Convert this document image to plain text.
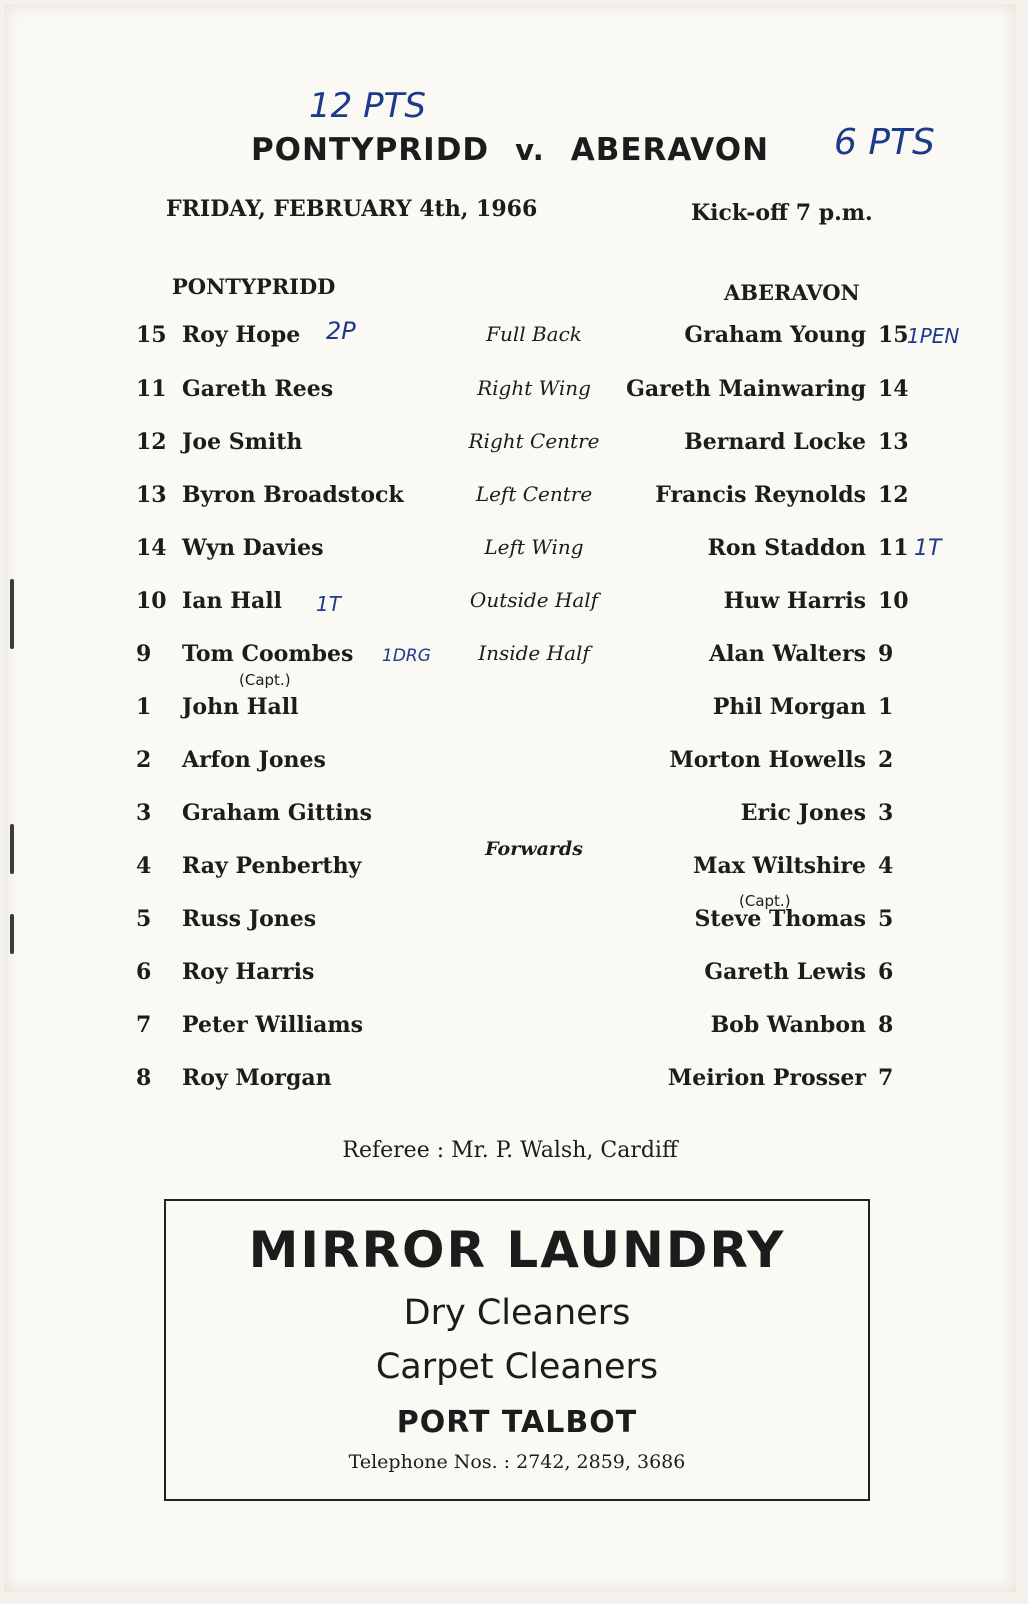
12 PTS
6 PTS
PONTYPRIDD v. ABERAVON
FRIDAY, FEBRUARY 4th, 1966	Kick-off 7 p.m.
PONTYPRIDD	ABERAVON
15 Roy Hope	Full Back	Graham Young 15
11 Gareth Rees	Right Wing	Gareth Mainwaring 14
12 Joe Smith	Right Centre	Bernard Locke 13
13 Byron Broadstock	Left Centre	Francis Reynolds 12
14 Wyn Davies	Left Wing	Ron Staddon 11
10 Ian Hall	Outside Half	Huw Harris 10
9	Tom Coombes	Inside Half	Alan Walters 9
1	John Hall	Phil Morgan 1
2	Arfon Jones	Morton Howells 2
3	Graham Gittins	Eric Jones 3
4	Ray Penberthy	Max Wiltshire 4
5	Russ Jones	Steve Thomas 5
6	Roy Harris	Gareth Lewis 6
7	Peter Williams	Bob Wanbon 8
8	Roy Morgan	Meirion Prosser 7
(Capt.)
(Capt.)
Forwards
2P	1PEN
1T
1DRG
1T
Referee : Mr. P. Walsh, Cardiff
MIRROR LAUNDRY
Dry Cleaners
Carpet Cleaners
PORT TALBOT
Telephone Nos. : 2742, 2859, 3686
